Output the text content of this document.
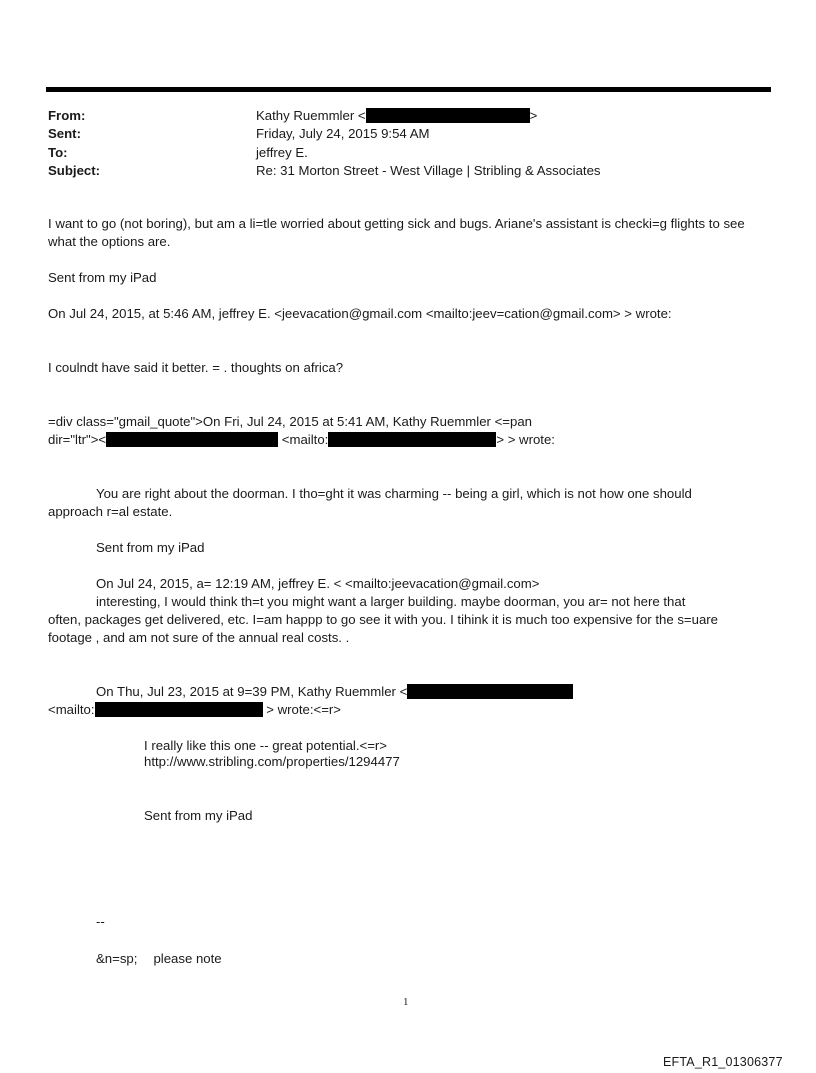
From:	Kathy Ruemmler <	>
Sent:	Friday, July 24, 2015 9:54 AM
To:	jeffrey E.
Subject:	Re: 31 Morton Street - West Village | Stribling & Associates
I want to go (not boring), but am a li=tle worried about getting sick and bugs. Ariane's assistant is checki=g flights to see
what the options are.
Sent from my iPad
On Jul 24, 2015, at 5:46 AM, jeffrey E. <jeevacation@gmail.com <mailto:jeev=cation@gmail.com> > wrote:
I coulndt have said it better. = . thoughts on africa?
=div class="gmail_quote">On Fri, Jul 24, 2015 at 5:41 AM, Kathy Ruemmler <=pan
dir="ltr"><	<mailto:	> > wrote:
You are right about the doorman. I tho=ght it was charming -- being a girl, which is not how one should
approach r=al estate.
Sent from my iPad
On Jul 24, 2015, a= 12:19 AM, jeffrey E. < <mailto:jeevacation@gmail.com>
interesting, I would think th=t you might want a larger building. maybe doorman, you ar= not here that
often, packages get delivered, etc. I=am happp to go see it with you. I tihink it is much too expensive for the s=uare
footage , and am not sure of the annual real costs. .
On Thu, Jul 23, 2015 at 9=39 PM, Kathy Ruemmler <
<mailto:	> wrote:<=r>
I really like this one -- great potential.<=r>
http://www.stribling.com/properties/1294477
Sent from my iPad
--
&n=sp; please note
1
EFTA_R1_01306377
